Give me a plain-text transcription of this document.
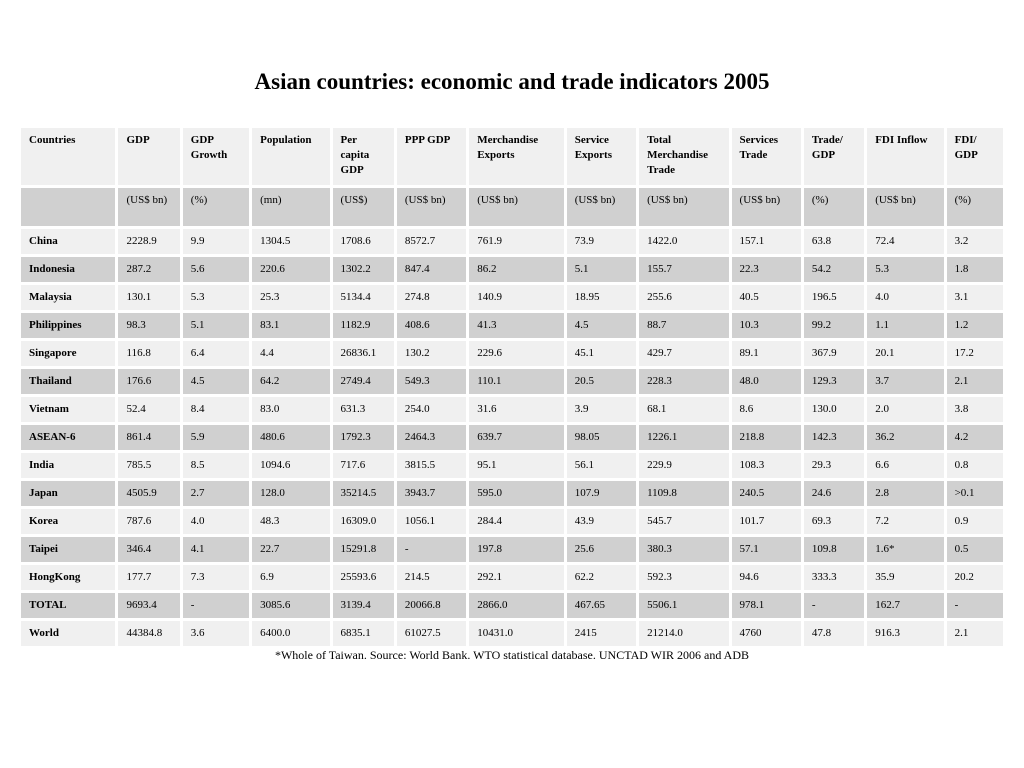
Asian countries: economic and trade indicators 2005
Countries	GDP	GDP Growth	Population	Per capita GDP	PPP GDP	Merchandise Exports	Service Exports	Total Merchandise Trade	Services Trade	Trade/ GDP	FDI Inflow	FDI/ GDP
	(US$ bn)	(%)	(mn)	(US$)	(US$ bn)	(US$ bn)	(US$ bn)	(US$ bn)	(US$ bn)	(%)	(US$ bn)	(%)
China	2228.9	9.9	1304.5	1708.6	8572.7	761.9	73.9	1422.0	157.1	63.8	72.4	3.2
Indonesia	287.2	5.6	220.6	1302.2	847.4	86.2	5.1	155.7	22.3	54.2	5.3	1.8
Malaysia	130.1	5.3	25.3	5134.4	274.8	140.9	18.95	255.6	40.5	196.5	4.0	3.1
Philippines	98.3	5.1	83.1	1182.9	408.6	41.3	4.5	88.7	10.3	99.2	1.1	1.2
Singapore	116.8	6.4	4.4	26836.1	130.2	229.6	45.1	429.7	89.1	367.9	20.1	17.2
Thailand	176.6	4.5	64.2	2749.4	549.3	110.1	20.5	228.3	48.0	129.3	3.7	2.1
Vietnam	52.4	8.4	83.0	631.3	254.0	31.6	3.9	68.1	8.6	130.0	2.0	3.8
ASEAN-6	861.4	5.9	480.6	1792.3	2464.3	639.7	98.05	1226.1	218.8	142.3	36.2	4.2
India	785.5	8.5	1094.6	717.6	3815.5	95.1	56.1	229.9	108.3	29.3	6.6	0.8
Japan	4505.9	2.7	128.0	35214.5	3943.7	595.0	107.9	1109.8	240.5	24.6	2.8	>0.1
Korea	787.6	4.0	48.3	16309.0	1056.1	284.4	43.9	545.7	101.7	69.3	7.2	0.9
Taipei	346.4	4.1	22.7	15291.8	-	197.8	25.6	380.3	57.1	109.8	1.6*	0.5
HongKong	177.7	7.3	6.9	25593.6	214.5	292.1	62.2	592.3	94.6	333.3	35.9	20.2
TOTAL	9693.4	-	3085.6	3139.4	20066.8	2866.0	467.65	5506.1	978.1	-	162.7	-
World	44384.8	3.6	6400.0	6835.1	61027.5	10431.0	2415	21214.0	4760	47.8	916.3	2.1

*Whole of Taiwan. Source: World Bank. WTO statistical database. UNCTAD WIR 2006 and ADB
